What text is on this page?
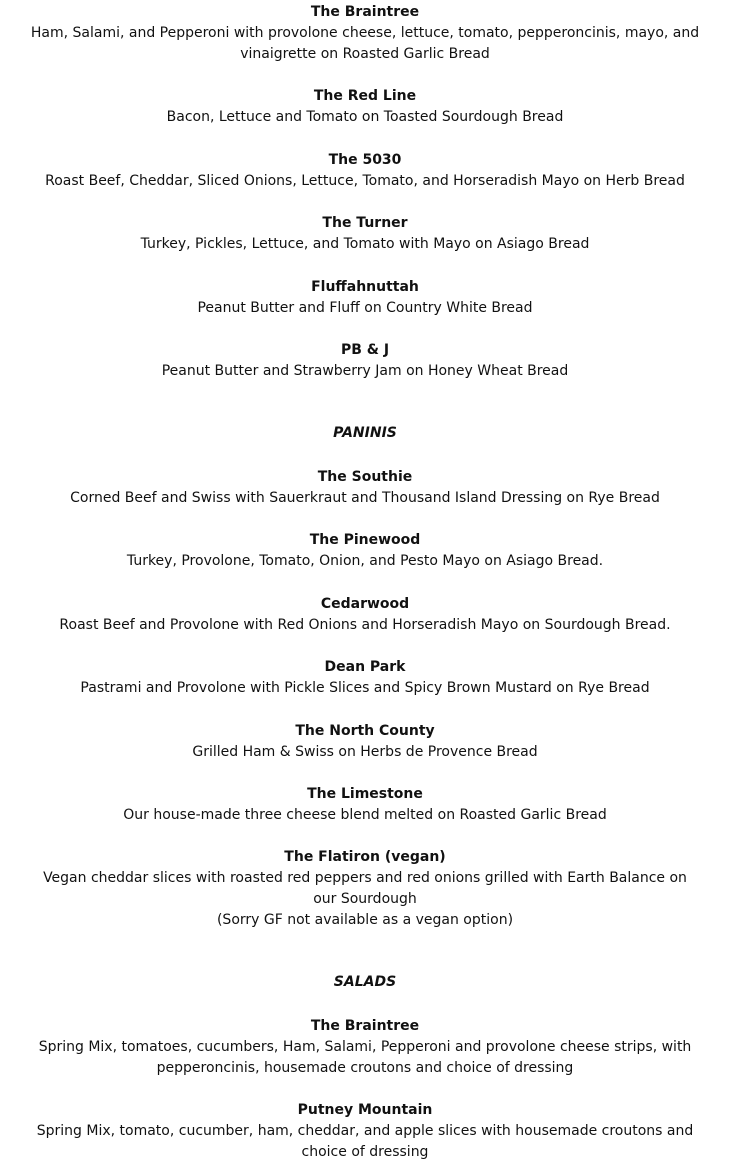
The Braintree
Ham, Salami, and Pepperoni with provolone cheese, lettuce, tomato, pepperoncinis, mayo, and vinaigrette on Roasted Garlic Bread
The Red Line
Bacon, Lettuce and Tomato on Toasted Sourdough Bread
The 5030
Roast Beef, Cheddar, Sliced Onions, Lettuce, Tomato, and Horseradish Mayo on Herb Bread
The Turner
Turkey, Pickles, Lettuce, and Tomato with Mayo on Asiago Bread
Fluffahnuttah
Peanut Butter and Fluff on Country White Bread
PB & J
Peanut Butter and Strawberry Jam on Honey Wheat Bread
PANINIS
The Southie
Corned Beef and Swiss with Sauerkraut and Thousand Island Dressing on Rye Bread
The Pinewood
Turkey, Provolone, Tomato, Onion, and Pesto Mayo on Asiago Bread.
Cedarwood
Roast Beef and Provolone with Red Onions and Horseradish Mayo on Sourdough Bread.
Dean Park
Pastrami and Provolone with Pickle Slices and Spicy Brown Mustard on Rye Bread
The North County
Grilled Ham & Swiss on Herbs de Provence Bread
The Limestone
Our house-made three cheese blend melted on Roasted Garlic Bread
The Flatiron (vegan)
Vegan cheddar slices with roasted red peppers and red onions grilled with Earth Balance on our Sourdough
(Sorry GF not available as a vegan option)
SALADS
The Braintree
Spring Mix, tomatoes, cucumbers, Ham, Salami, Pepperoni and provolone cheese strips, with pepperoncinis, housemade croutons and choice of dressing
Putney Mountain
Spring Mix, tomato, cucumber, ham, cheddar, and apple slices with housemade croutons and choice of dressing
